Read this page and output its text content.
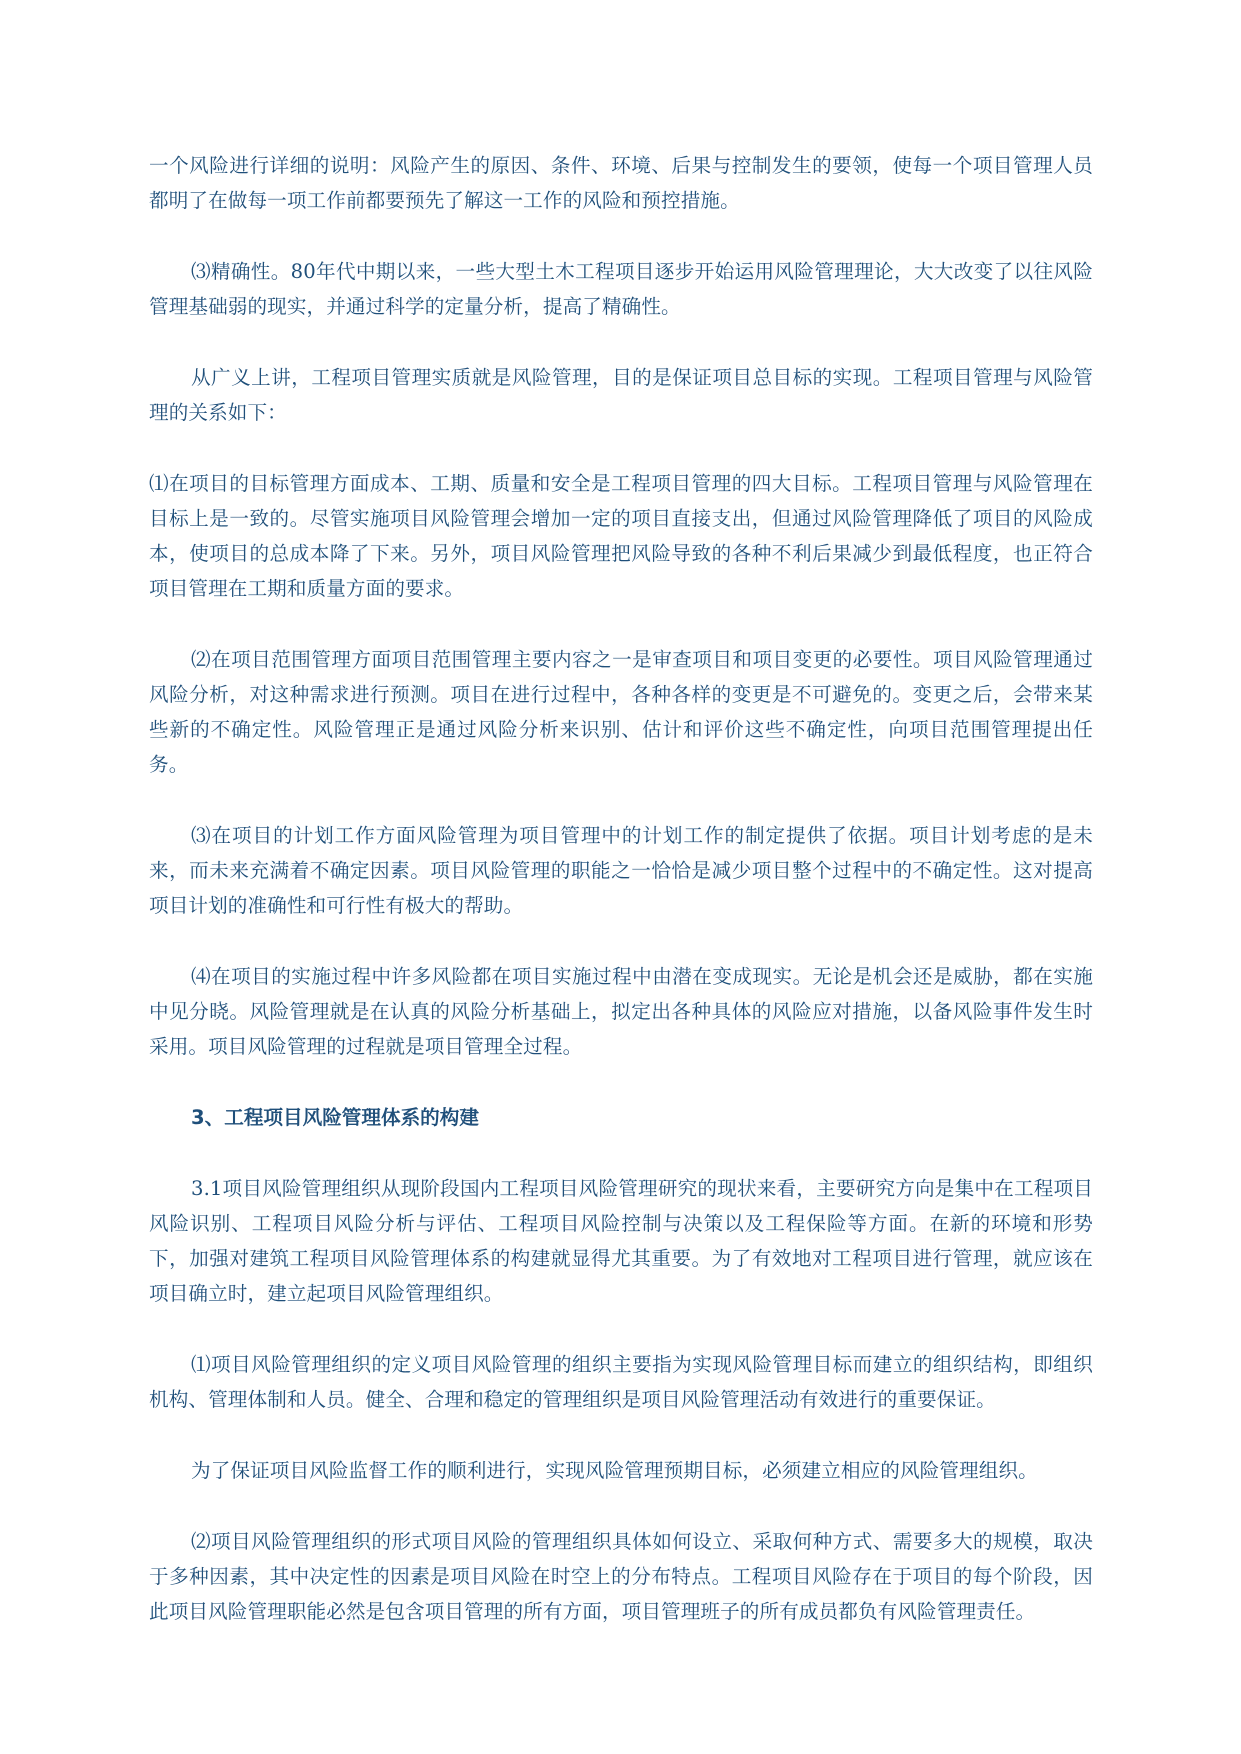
一个风险进行详细的说明：风险产生的原因、条件、环境、后果与控制发生的要领，使每一个项目管理人员都明了在做每一项工作前都要预先了解这一工作的风险和预控措施。

⑶精确性。80年代中期以来，一些大型土木工程项目逐步开始运用风险管理理论，大大改变了以往风险管理基础弱的现实，并通过科学的定量分析，提高了精确性。

从广义上讲，工程项目管理实质就是风险管理，目的是保证项目总目标的实现。工程项目管理与风险管理的关系如下：

⑴在项目的目标管理方面成本、工期、质量和安全是工程项目管理的四大目标。工程项目管理与风险管理在目标上是一致的。尽管实施项目风险管理会增加一定的项目直接支出，但通过风险管理降低了项目的风险成本，使项目的总成本降了下来。另外，项目风险管理把风险导致的各种不利后果减少到最低程度，也正符合项目管理在工期和质量方面的要求。

⑵在项目范围管理方面项目范围管理主要内容之一是审查项目和项目变更的必要性。项目风险管理通过风险分析，对这种需求进行预测。项目在进行过程中，各种各样的变更是不可避免的。变更之后，会带来某些新的不确定性。风险管理正是通过风险分析来识别、估计和评价这些不确定性，向项目范围管理提出任务。

⑶在项目的计划工作方面风险管理为项目管理中的计划工作的制定提供了依据。项目计划考虑的是未来，而未来充满着不确定因素。项目风险管理的职能之一恰恰是减少项目整个过程中的不确定性。这对提高项目计划的准确性和可行性有极大的帮助。

⑷在项目的实施过程中许多风险都在项目实施过程中由潜在变成现实。无论是机会还是威胁，都在实施中见分晓。风险管理就是在认真的风险分析基础上，拟定出各种具体的风险应对措施，以备风险事件发生时采用。项目风险管理的过程就是项目管理全过程。

3、工程项目风险管理体系的构建

3.1项目风险管理组织从现阶段国内工程项目风险管理研究的现状来看，主要研究方向是集中在工程项目风险识别、工程项目风险分析与评估、工程项目风险控制与决策以及工程保险等方面。在新的环境和形势下，加强对建筑工程项目风险管理体系的构建就显得尤其重要。为了有效地对工程项目进行管理，就应该在项目确立时，建立起项目风险管理组织。

⑴项目风险管理组织的定义项目风险管理的组织主要指为实现风险管理目标而建立的组织结构，即组织机构、管理体制和人员。健全、合理和稳定的管理组织是项目风险管理活动有效进行的重要保证。

为了保证项目风险监督工作的顺利进行，实现风险管理预期目标，必须建立相应的风险管理组织。

⑵项目风险管理组织的形式项目风险的管理组织具体如何设立、采取何种方式、需要多大的规模，取决于多种因素，其中决定性的因素是项目风险在时空上的分布特点。工程项目风险存在于项目的每个阶段，因此项目风险管理职能必然是包含项目管理的所有方面，项目管理班子的所有成员都负有风险管理责任。
